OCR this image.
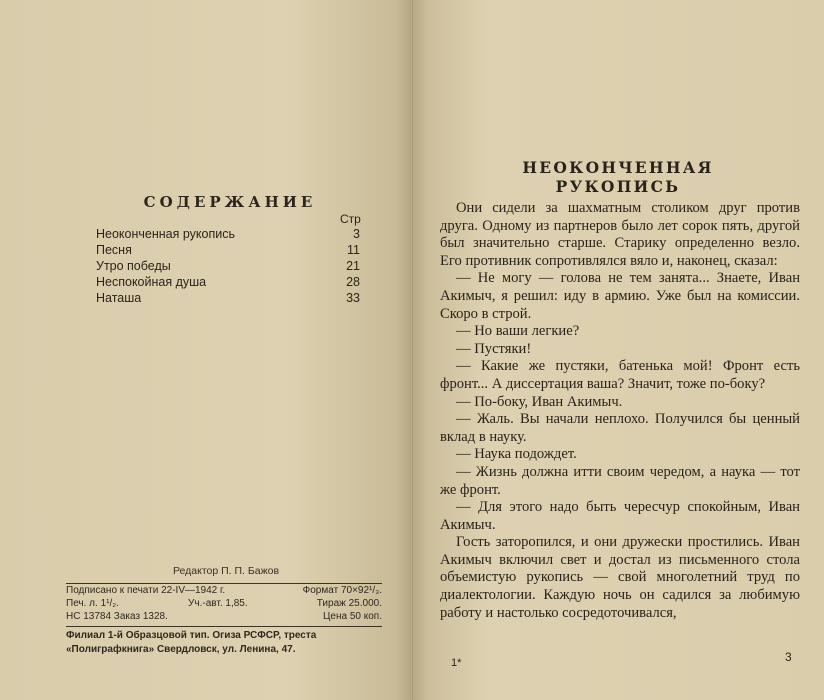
СОДЕРЖАНИЕ
Стр
Неоконченная рукопись	3
Песня	11
Утро победы	21
Неспокойная душа	28
Наташа	33
Редактор П. П. Бажов
Подписано к печати 22-IV—1942 г.	Формат 70×92¹/₃.
Печ. л. 1¹/₂.	Уч.-авт. 1,85.	Тираж 25.000.
НС 13784 Заказ 1328.	Цена 50 коп.
Филиал 1-й Образцовой тип. Огиза РСФСР, треста
«Полиграфкнига» Свердловск, ул. Ленина, 47.
НЕОКОНЧЕННАЯ РУКОПИСЬ

Они сидели за шахматным столиком друг против друга. Одному из партнеров было лет сорок пять, другой был значительно старше. Старику определенно везло. Его противник сопротивлялся вяло и, наконец, сказал:

— Не могу — голова не тем занята... Знаете, Иван Акимыч, я решил: иду в армию. Уже был на комиссии. Скоро в строй.

— Но ваши легкие?

— Пустяки!

— Какие же пустяки, батенька мой! Фронт есть фронт... А диссертация ваша? Значит, тоже по-боку?

— По-боку, Иван Акимыч.

— Жаль. Вы начали неплохо. Получился бы ценный вклад в науку.

— Наука подождет.

— Жизнь должна итти своим чередом, а наука — тот же фронт.

— Для этого надо быть чересчур спокойным, Иван Акимыч.

Гость заторопился, и они дружески простились. Иван Акимыч включил свет и достал из письменного стола объемистую рукопись — свой многолетний труд по диалектологии. Каждую ночь он садился за любимую работу и настолько сосредоточивался,

1*	3
